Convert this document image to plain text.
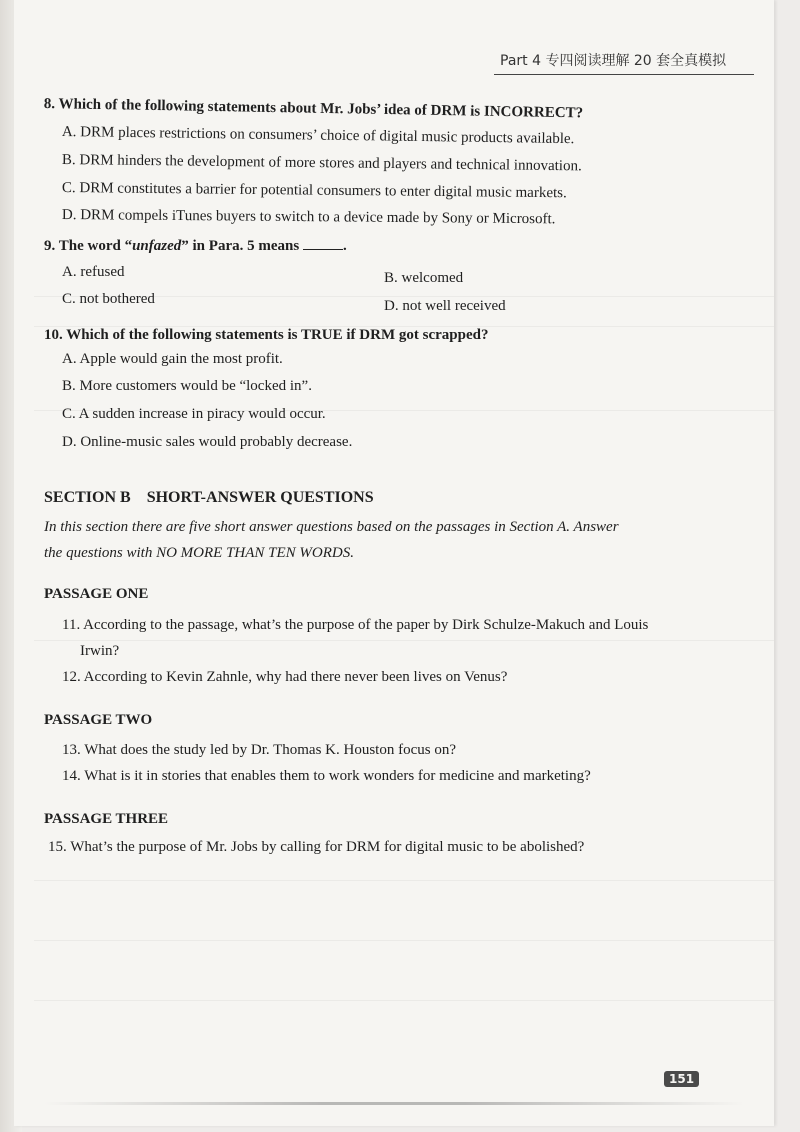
Part 4 专四阅读理解 20 套全真模拟
8. Which of the following statements about Mr. Jobs’ idea of DRM is INCORRECT?
A. DRM places restrictions on consumers’ choice of digital music products available.
B. DRM hinders the development of more stores and players and technical innovation.
C. DRM constitutes a barrier for potential consumers to enter digital music markets.
D. DRM compels iTunes buyers to switch to a device made by Sony or Microsoft.
9. The word “unfazed” in Para. 5 means	.
A. refused	B. welcomed
C. not bothered	D. not well received
10. Which of the following statements is TRUE if DRM got scrapped?
A. Apple would gain the most profit.
B. More customers would be “locked in”.
C. A sudden increase in piracy would occur.
D. Online-music sales would probably decrease.
SECTION B    SHORT-ANSWER QUESTIONS
In this section there are five short answer questions based on the passages in Section A. Answer
the questions with NO MORE THAN TEN WORDS.
PASSAGE ONE
11. According to the passage, what’s the purpose of the paper by Dirk Schulze-Makuch and Louis
Irwin?
12. According to Kevin Zahnle, why had there never been lives on Venus?
PASSAGE TWO
13. What does the study led by Dr. Thomas K. Houston focus on?
14. What is it in stories that enables them to work wonders for medicine and marketing?
PASSAGE THREE
15. What’s the purpose of Mr. Jobs by calling for DRM for digital music to be abolished?
151
